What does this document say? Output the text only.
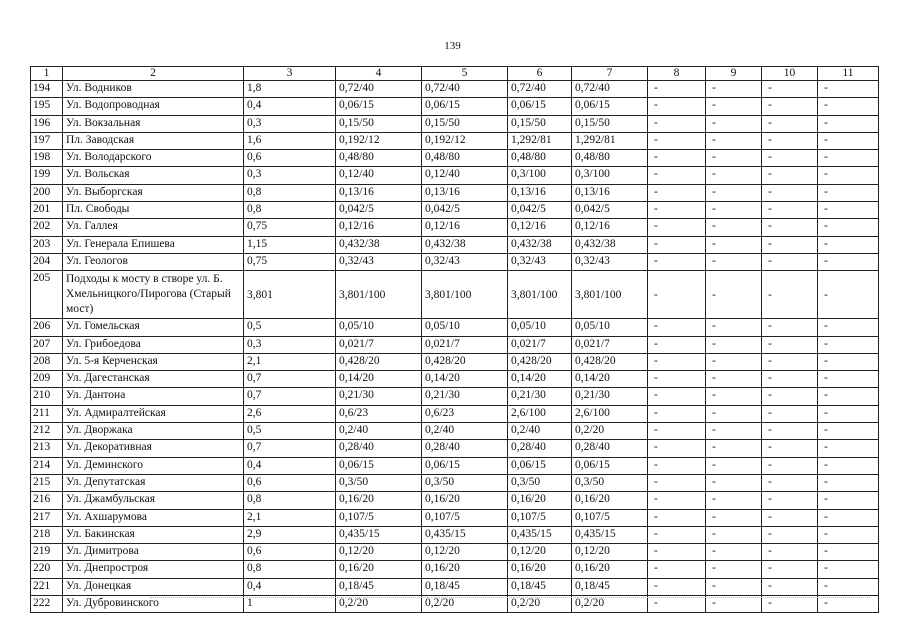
139
1	2	3	4	5	6	7	8	9	10	11
194	Ул. Водников	1,8	0,72/40	0,72/40	0,72/40	0,72/40	-	-	-	-
195	Ул. Водопроводная	0,4	0,06/15	0,06/15	0,06/15	0,06/15	-	-	-	-
196	Ул. Вокзальная	0,3	0,15/50	0,15/50	0,15/50	0,15/50	-	-	-	-
197	Пл. Заводская	1,6	0,192/12	0,192/12	1,292/81	1,292/81	-	-	-	-
198	Ул. Володарского	0,6	0,48/80	0,48/80	0,48/80	0,48/80	-	-	-	-
199	Ул. Вольская	0,3	0,12/40	0,12/40	0,3/100	0,3/100	-	-	-	-
200	Ул. Выборгская	0,8	0,13/16	0,13/16	0,13/16	0,13/16	-	-	-	-
201	Пл. Свободы	0,8	0,042/5	0,042/5	0,042/5	0,042/5	-	-	-	-
202	Ул. Галлея	0,75	0,12/16	0,12/16	0,12/16	0,12/16	-	-	-	-
203	Ул. Генерала Епишева	1,15	0,432/38	0,432/38	0,432/38	0,432/38	-	-	-	-
204	Ул. Геологов	0,75	0,32/43	0,32/43	0,32/43	0,32/43	-	-	-	-
205	Подходы к мосту в створе ул. Б. Хмельницкого/Пирогова (Старый мост)	3,801	3,801/100	3,801/100	3,801/100	3,801/100	-	-	-	-
206	Ул. Гомельская	0,5	0,05/10	0,05/10	0,05/10	0,05/10	-	-	-	-
207	Ул. Грибоедова	0,3	0,021/7	0,021/7	0,021/7	0,021/7	-	-	-	-
208	Ул. 5-я Керченская	2,1	0,428/20	0,428/20	0,428/20	0,428/20	-	-	-	-
209	Ул. Дагестанская	0,7	0,14/20	0,14/20	0,14/20	0,14/20	-	-	-	-
210	Ул. Дантона	0,7	0,21/30	0,21/30	0,21/30	0,21/30	-	-	-	-
211	Ул. Адмиралтейская	2,6	0,6/23	0,6/23	2,6/100	2,6/100	-	-	-	-
212	Ул. Дворжака	0,5	0,2/40	0,2/40	0,2/40	0,2/20	-	-	-	-
213	Ул. Декоративная	0,7	0,28/40	0,28/40	0,28/40	0,28/40	-	-	-	-
214	Ул. Деминского	0,4	0,06/15	0,06/15	0,06/15	0,06/15	-	-	-	-
215	Ул. Депутатская	0,6	0,3/50	0,3/50	0,3/50	0,3/50	-	-	-	-
216	Ул. Джамбульская	0,8	0,16/20	0,16/20	0,16/20	0,16/20	-	-	-	-
217	Ул. Ахшарумова	2,1	0,107/5	0,107/5	0,107/5	0,107/5	-	-	-	-
218	Ул. Бакинская	2,9	0,435/15	0,435/15	0,435/15	0,435/15	-	-	-	-
219	Ул. Димитрова	0,6	0,12/20	0,12/20	0,12/20	0,12/20	-	-	-	-
220	Ул. Днепростроя	0,8	0,16/20	0,16/20	0,16/20	0,16/20	-	-	-	-
221	Ул. Донецкая	0,4	0,18/45	0,18/45	0,18/45	0,18/45	-	-	-	-
222	Ул. Дубровинского	1	0,2/20	0,2/20	0,2/20	0,2/20	-	-	-	-
